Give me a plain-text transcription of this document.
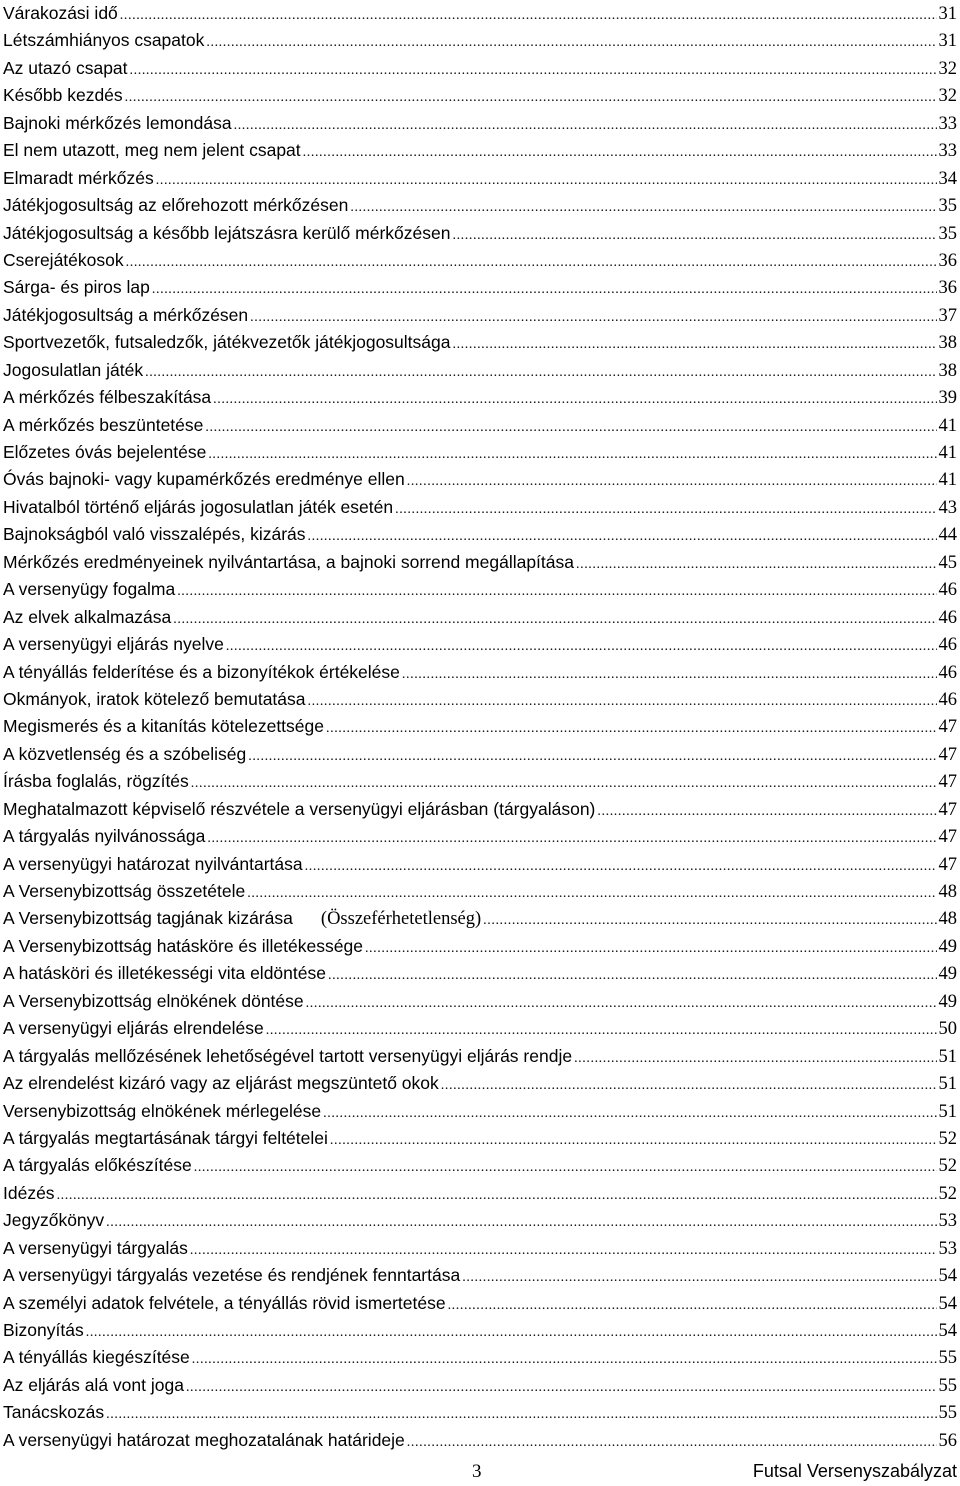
Várakozási idő .....	31
Létszámhiányos csapatok .....	31
Az utazó csapat .....	32
Később kezdés .....	32
Bajnoki mérkőzés lemondása .....	33
El nem utazott, meg nem jelent csapat .....	33
Elmaradt mérkőzés .....	34
Játékjogosultság az előrehozott mérkőzésen .....	35
Játékjogosultság a később lejátszásra kerülő mérkőzésen .....	35
Cserejátékosok .....	36
Sárga- és piros lap .....	36
Játékjogosultság a mérkőzésen .....	37
Sportvezetők, futsaledzők, játékvezetők játékjogosultsága .....	38
Jogosulatlan játék .....	38
A mérkőzés félbeszakítása .....	39
A mérkőzés beszüntetése .....	41
Előzetes óvás bejelentése .....	41
Óvás bajnoki- vagy kupamérkőzés eredménye ellen .....	41
Hivatalból történő eljárás jogosulatlan játék esetén .....	43
Bajnokságból való visszalépés, kizárás .....	44
Mérkőzés eredményeinek nyilvántartása, a bajnoki sorrend megállapítása .....	45
A versenyügy fogalma .....	46
Az elvek alkalmazása .....	46
A versenyügyi eljárás nyelve .....	46
A tényállás felderítése és a bizonyítékok értékelése .....	46
Okmányok, iratok kötelező bemutatása .....	46
Megismerés és a kitanítás kötelezettsége .....	47
A közvetlenség és a szóbeliség .....	47
Írásba foglalás, rögzítés .....	47
Meghatalmazott képviselő részvétele a versenyügyi eljárásban (tárgyaláson) .....	47
A tárgyalás nyilvánossága .....	47
A versenyügyi határozat nyilvántartása .....	47
A Versenybizottság összetétele .....	48
A Versenybizottság tagjának kizárása (Összeférhetetlenség) .....	48
A Versenybizottság hatásköre és illetékessége .....	49
A hatásköri és illetékességi vita eldöntése .....	49
A Versenybizottság elnökének döntése .....	49
A versenyügyi eljárás elrendelése .....	50
A tárgyalás mellőzésének lehetőségével tartott versenyügyi eljárás rendje .....	51
Az elrendelést kizáró vagy az eljárást megszüntető okok .....	51
Versenybizottság elnökének mérlegelése .....	51
A tárgyalás megtartásának tárgyi feltételei .....	52
A tárgyalás előkészítése .....	52
Idézés .....	52
Jegyzőkönyv .....	53
A versenyügyi tárgyalás .....	53
A versenyügyi tárgyalás vezetése és rendjének fenntartása .....	54
A személyi adatok felvétele, a tényállás rövid ismertetése .....	54
Bizonyítás .....	54
A tényállás kiegészítése .....	55
Az eljárás alá vont joga .....	55
Tanácskozás .....	55
A versenyügyi határozat meghozatalának határideje .....	56
3	Futsal Versenyszabályzat
